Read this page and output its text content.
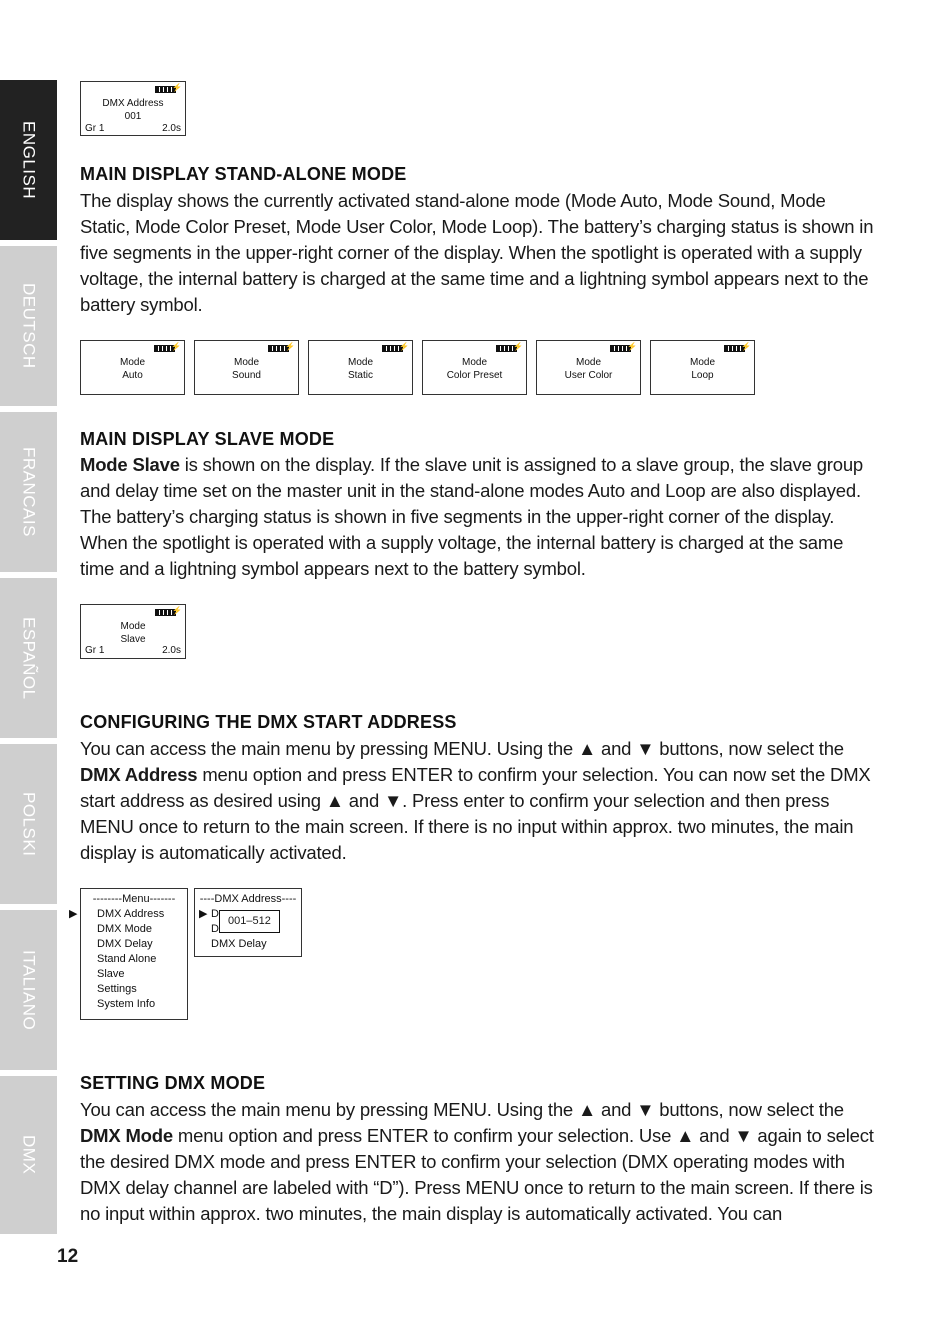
ENGLISH
DEUTSCH
FRANCAIS
ESPAÑOL
POLSKI
ITALIANO
DMX
⚡
DMX Address
001
Gr 1	2.0s
MAIN DISPLAY STAND-ALONE MODE

The display shows the currently activated stand-alone mode (Mode Auto, Mode Sound, Mode Static, Mode Color Preset, Mode User Color, Mode Loop). The battery’s charging status is shown in five segments in the upper-right corner of the display. When the spotlight is operated with a supply voltage, the internal battery is charged at the same time and a lightning symbol appears next to the battery symbol.

⚡
Mode
Auto
⚡
Mode
Sound
⚡
Mode
Static
⚡
Mode
Color Preset
⚡
Mode
User Color
⚡
Mode
Loop
MAIN DISPLAY SLAVE MODE

Mode Slave is shown on the display. If the slave unit is assigned to a slave group, the slave group and delay time set on the master unit in the stand-alone modes Auto and Loop are also displayed. The battery’s charging status is shown in five segments in the upper-right corner of the display. When the spotlight is operated with a supply voltage, the internal battery is charged at the same time and a lightning symbol appears next to the battery symbol.

⚡
Mode
Slave
Gr 1	2.0s
CONFIGURING THE DMX START ADDRESS

You can access the main menu by pressing MENU. Using the ▲ and ▼ buttons, now select the DMX Address menu option and press ENTER to confirm your selection. You can now set the DMX start address as desired using ▲ and ▼. Press enter to confirm your selection and then press MENU once to return to the main screen. If there is no input within approx. two minutes, the main display is automatically activated.

--------Menu-------
▶ DMX Address
DMX Mode
DMX Delay
Stand Alone
Slave
Settings
System Info
----DMX Address----
▶ D
D
DMX Delay
001–512
SETTING DMX MODE

You can access the main menu by pressing MENU. Using the ▲ and ▼ buttons, now select the DMX Mode menu option and press ENTER to confirm your selection. Use ▲ and ▼ again to select the desired DMX mode and press ENTER to confirm your selection (DMX operating modes with DMX delay channel are labeled with “D”). Press MENU once to return to the main screen. If there is no input within approx. two minutes, the main display is automatically activated. You can

12
